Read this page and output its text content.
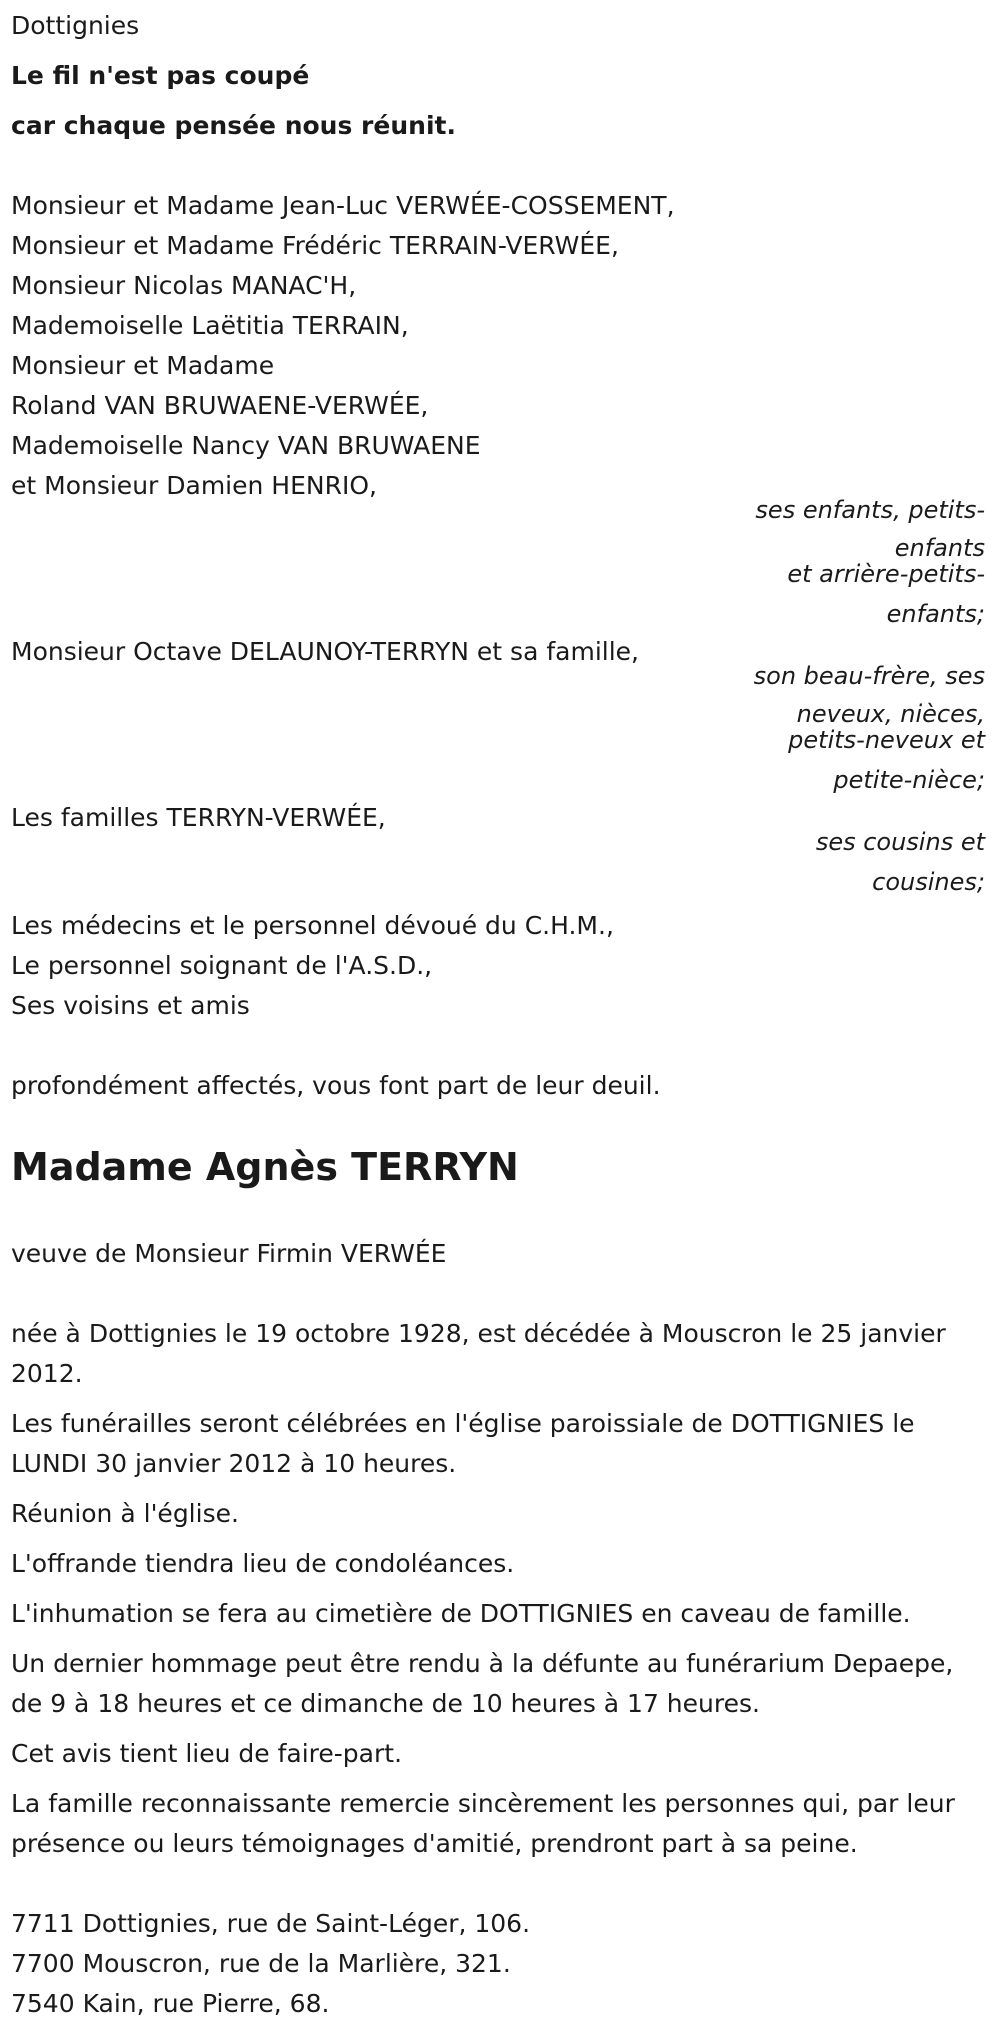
Dottignies
Le fil n'est pas coupé
car chaque pensée nous réunit.
Monsieur et Madame Jean-Luc VERWÉE-COSSEMENT,
Monsieur et Madame Frédéric TERRAIN-VERWÉE,
Monsieur Nicolas MANAC'H,
Mademoiselle Laëtitia TERRAIN,
Monsieur et Madame
Roland VAN BRUWAENE-VERWÉE,
Mademoiselle Nancy VAN BRUWAENE
et Monsieur Damien HENRIO,
ses enfants, petits-
enfants
et arrière-petits-
enfants;
Monsieur Octave DELAUNOY-TERRYN et sa famille,
son beau-frère, ses
neveux, nièces,
petits-neveux et
petite-nièce;
Les familles TERRYN-VERWÉE,
ses cousins et
cousines;
Les médecins et le personnel dévoué du C.H.M.,
Le personnel soignant de l'A.S.D.,
Ses voisins et amis
profondément affectés, vous font part de leur deuil.
Madame Agnès TERRYN
veuve de Monsieur Firmin VERWÉE
née à Dottignies le 19 octobre 1928, est décédée à Mouscron le 25 janvier 2012.
Les funérailles seront célébrées en l'église paroissiale de DOTTIGNIES le LUNDI 30 janvier 2012 à 10 heures.
Réunion à l'église.
L'offrande tiendra lieu de condoléances.
L'inhumation se fera au cimetière de DOTTIGNIES en caveau de famille.
Un dernier hommage peut être rendu à la défunte au funérarium Depaepe, de 9 à 18 heures et ce dimanche de 10 heures à 17 heures.
Cet avis tient lieu de faire-part.
La famille reconnaissante remercie sincèrement les personnes qui, par leur présence ou leurs témoignages d'amitié, prendront part à sa peine.
7711 Dottignies, rue de Saint-Léger, 106.
7700 Mouscron, rue de la Marlière, 321.
7540 Kain, rue Pierre, 68.
